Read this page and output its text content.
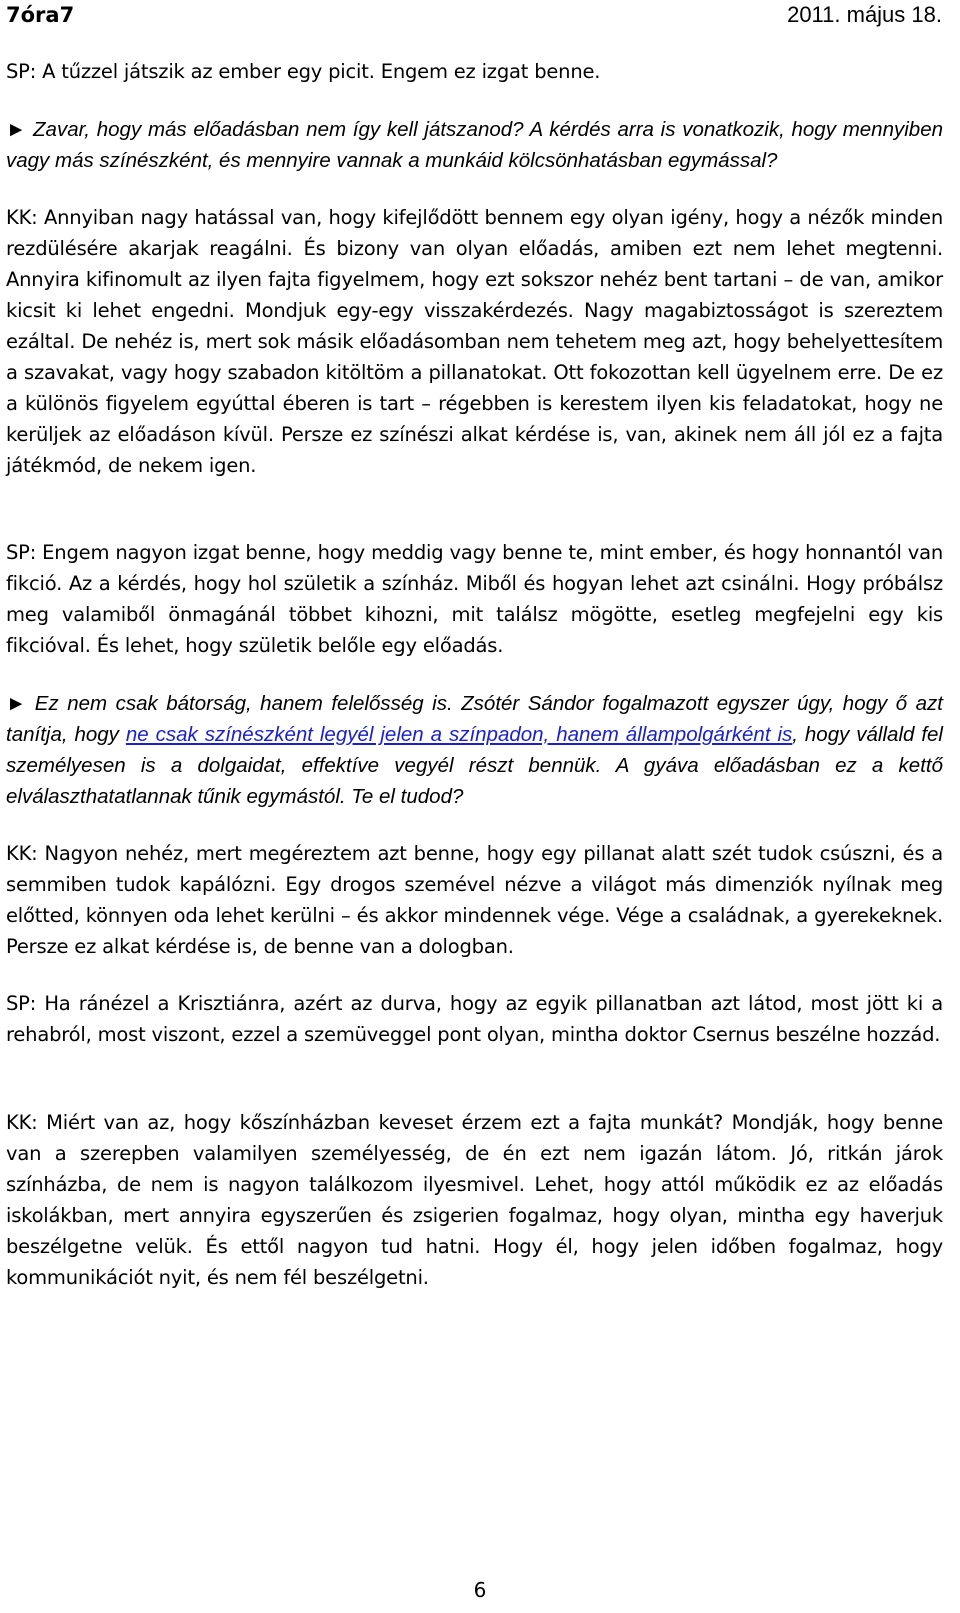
7óra7	2011. május 18.

SP: A tűzzel játszik az ember egy picit. Engem ez izgat benne.

► Zavar, hogy más előadásban nem így kell játszanod? A kérdés arra is vonatkozik, hogy mennyiben vagy más színészként, és mennyire vannak a munkáid kölcsönhatásban egymással?

KK: Annyiban nagy hatással van, hogy kifejlődött bennem egy olyan igény, hogy a nézők minden rezdülésére akarjak reagálni. És bizony van olyan előadás, amiben ezt nem lehet megtenni. Annyira kifinomult az ilyen fajta figyelmem, hogy ezt sokszor nehéz bent tartani – de van, amikor kicsit ki lehet engedni. Mondjuk egy-egy visszakérdezés. Nagy magabiztosságot is szereztem ezáltal. De nehéz is, mert sok másik előadásomban nem tehetem meg azt, hogy behelyettesítem a szavakat, vagy hogy szabadon kitöltöm a pillanatokat. Ott fokozottan kell ügyelnem erre. De ez a különös figyelem egyúttal éberen is tart – régebben is kerestem ilyen kis feladatokat, hogy ne kerüljek az előadáson kívül. Persze ez színészi alkat kérdése is, van, akinek nem áll jól ez a fajta játékmód, de nekem igen.

SP: Engem nagyon izgat benne, hogy meddig vagy benne te, mint ember, és hogy honnantól van fikció. Az a kérdés, hogy hol születik a színház. Miből és hogyan lehet azt csinálni. Hogy próbálsz meg valamiből önmagánál többet kihozni, mit találsz mögötte, esetleg megfejelni egy kis fikcióval. És lehet, hogy születik belőle egy előadás.

► Ez nem csak bátorság, hanem felelősség is. Zsótér Sándor fogalmazott egyszer úgy, hogy ő azt tanítja, hogy ne csak színészként legyél jelen a színpadon, hanem állampolgárként is, hogy vállald fel személyesen is a dolgaidat, effektíve vegyél részt bennük. A gyáva előadásban ez a kettő elválaszthatatlannak tűnik egymástól. Te el tudod?

KK: Nagyon nehéz, mert megéreztem azt benne, hogy egy pillanat alatt szét tudok csúszni, és a semmiben tudok kapálózni. Egy drogos szemével nézve a világot más dimenziók nyílnak meg előtted, könnyen oda lehet kerülni – és akkor mindennek vége. Vége a családnak, a gyerekeknek. Persze ez alkat kérdése is, de benne van a dologban.

SP: Ha ránézel a Krisztiánra, azért az durva, hogy az egyik pillanatban azt látod, most jött ki a rehabról, most viszont, ezzel a szemüveggel pont olyan, mintha doktor Csernus beszélne hozzád.

KK: Miért van az, hogy kőszínházban keveset érzem ezt a fajta munkát? Mondják, hogy benne van a szerepben valamilyen személyesség, de én ezt nem igazán látom. Jó, ritkán járok színházba, de nem is nagyon találkozom ilyesmivel. Lehet, hogy attól működik ez az előadás iskolákban, mert annyira egyszerűen és zsigerien fogalmaz, hogy olyan, mintha egy haverjuk beszélgetne velük. És ettől nagyon tud hatni. Hogy él, hogy jelen időben fogalmaz, hogy kommunikációt nyit, és nem fél beszélgetni.

6
